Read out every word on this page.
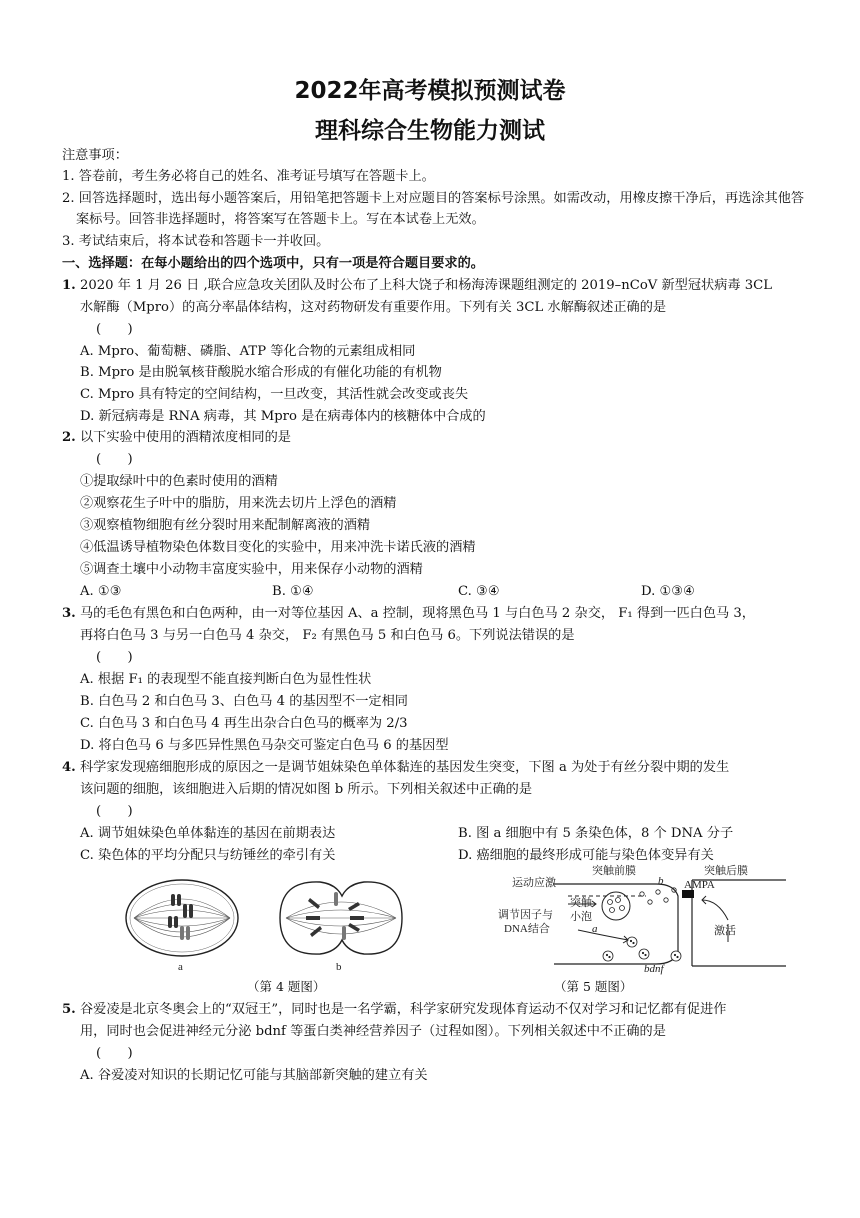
2022年高考模拟预测试卷
理科综合生物能力测试
注意事项：
1. 答卷前，考生务必将自己的姓名、准考证号填写在答题卡上。
2. 回答选择题时，选出每小题答案后，用铅笔把答题卡上对应题目的答案标号涂黑。如需改动，用橡皮擦干净后，再选涂其他答
案标号。回答非选择题时，将答案写在答题卡上。写在本试卷上无效。
3. 考试结束后，将本试卷和答题卡一并收回。
一、选择题：在每小题给出的四个选项中，只有一项是符合题目要求的。
1. 2020 年 1 月 26 日 ,联合应急攻关团队及时公布了上科大饶子和杨海涛课题组测定的 2019–nCoV 新型冠状病毒 3CL
水解酶（Mpro）的高分率晶体结构，这对药物研发有重要作用。下列有关 3CL 水解酶叙述正确的是
(　　)
A. Mpro、葡萄糖、磷脂、ATP 等化合物的元素组成相同
B. Mpro 是由脱氧核苷酸脱水缩合形成的有催化功能的有机物
C. Mpro 具有特定的空间结构，一旦改变，其活性就会改变或丧失
D. 新冠病毒是 RNA 病毒，其 Mpro 是在病毒体内的核糖体中合成的
2. 以下实验中使用的酒精浓度相同的是
(　　)
①提取绿叶中的色素时使用的酒精
②观察花生子叶中的脂肪，用来洗去切片上浮色的酒精
③观察植物细胞有丝分裂时用来配制解离液的酒精
④低温诱导植物染色体数目变化的实验中，用来冲洗卡诺氏液的酒精
⑤调查土壤中小动物丰富度实验中，用来保存小动物的酒精
A. ①③	B. ①④	C. ③④	D. ①③④
3. 马的毛色有黑色和白色两种，由一对等位基因 A、a 控制，现将黑色马 1 与白色马 2 杂交， F₁ 得到一匹白色马 3，
再将白色马 3 与另一白色马 4 杂交， F₂ 有黑色马 5 和白色马 6。下列说法错误的是
(　　)
A. 根据 F₁ 的表现型不能直接判断白色为显性性状
B. 白色马 2 和白色马 3、白色马 4 的基因型不一定相同
C. 白色马 3 和白色马 4 再生出杂合白色马的概率为 2/3
D. 将白色马 6 与多匹异性黑色马杂交可鉴定白色马 6 的基因型
4. 科学家发现癌细胞形成的原因之一是调节姐妹染色单体黏连的基因发生突变，下图 a 为处于有丝分裂中期的发生
该问题的细胞，该细胞进入后期的情况如图 b 所示。下列相关叙述中正确的是
(　　)
A. 调节姐妹染色单体黏连的基因在前期表达	B. 图 a 细胞中有 5 条染色体，8 个 DNA 分子
C. 染色体的平均分配只与纺锤丝的牵引有关	D. 癌细胞的最终形成可能与染色体变异有关
a	b
（第 4 题图）
突触前膜	突触后膜
运动应激	b AMPA
突触
小泡
调节因子与
DNA结合	a	激活
bdnf
（第 5 题图）
5. 谷爱凌是北京冬奥会上的“双冠王”，同时也是一名学霸，科学家研究发现体育运动不仅对学习和记忆都有促进作
用，同时也会促进神经元分泌 bdnf 等蛋白类神经营养因子（过程如图）。下列相关叙述中不正确的是
(　　)
A. 谷爱凌对知识的长期记忆可能与其脑部新突触的建立有关
